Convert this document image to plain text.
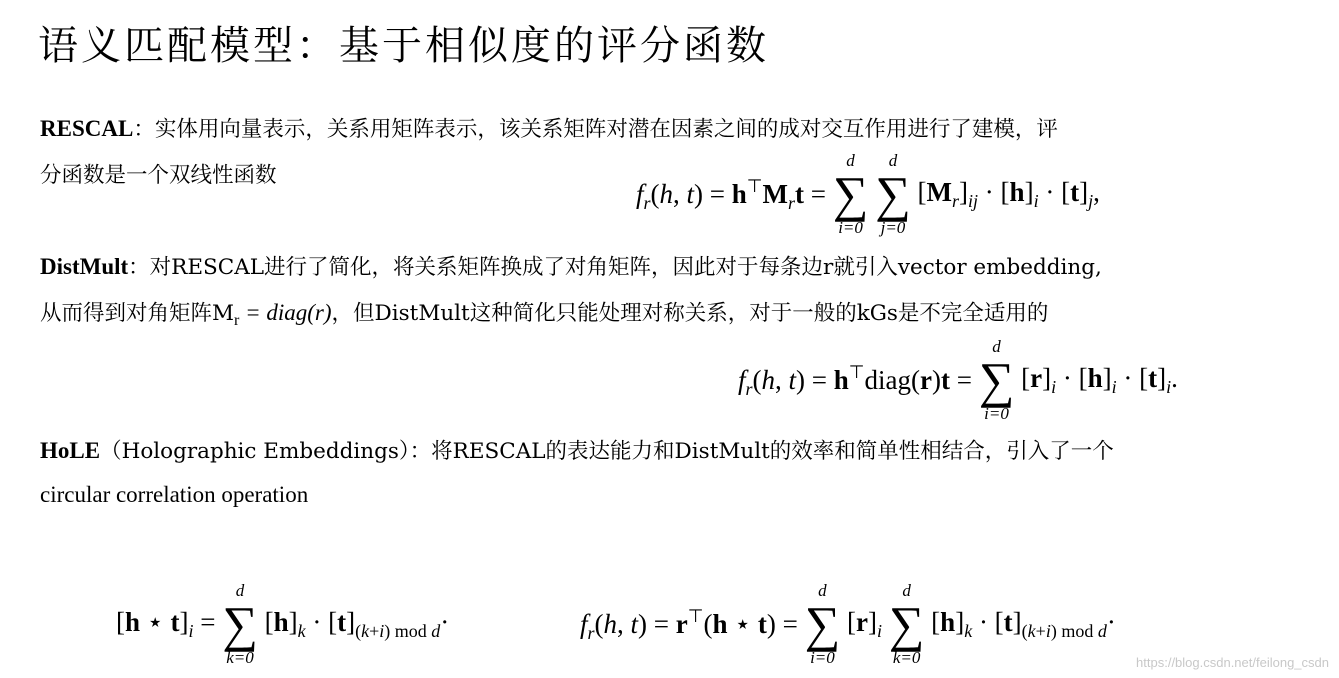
语义匹配模型：基于相似度的评分函数
RESCAL：实体用向量表示，关系用矩阵表示，该关系矩阵对潜在因素之间的成对交互作用进行了建模，评
分函数是一个双线性函数
$f_r(h$, $t) = h^⊤M_rt$ =
d
∑
i=0

d
∑
j=0
$[M_r]_{ij} \cdot [h]_i \cdot [t]_j$,
DistMult：对RESCAL进行了简化，将关系矩阵换成了对角矩阵，因此对于每条边r就引入vector embedding,
从而得到对角矩阵$M_r$ = diag(r)，但DistMult这种简化只能处理对称关系，对于一般的kGs是不完全适用的
$f_r(h$, t) = h⊤diag(r)t =
d
∑
i=0
$[r]_i \cdot [h]_i \cdot [t]_i$.
HoLE（Holographic Embeddings）：将RESCAL的表达能力和DistMult的效率和简单性相结合，引入了一个
circular correlation operation
[h ⋆ $t]_i$ =
d
∑
k=0
$[h]_k \cdot [t]_{(k+i) mod d}\cdot$	$f_r(h$, t) = r⊤(h ⋆ t) =
d
∑
i=0
$[r]_i$
d
∑
k=0
$[h]_k \cdot [t]_{(k+i) mod d}\cdot$
https://blog.csdn.net/feilong_csdn
